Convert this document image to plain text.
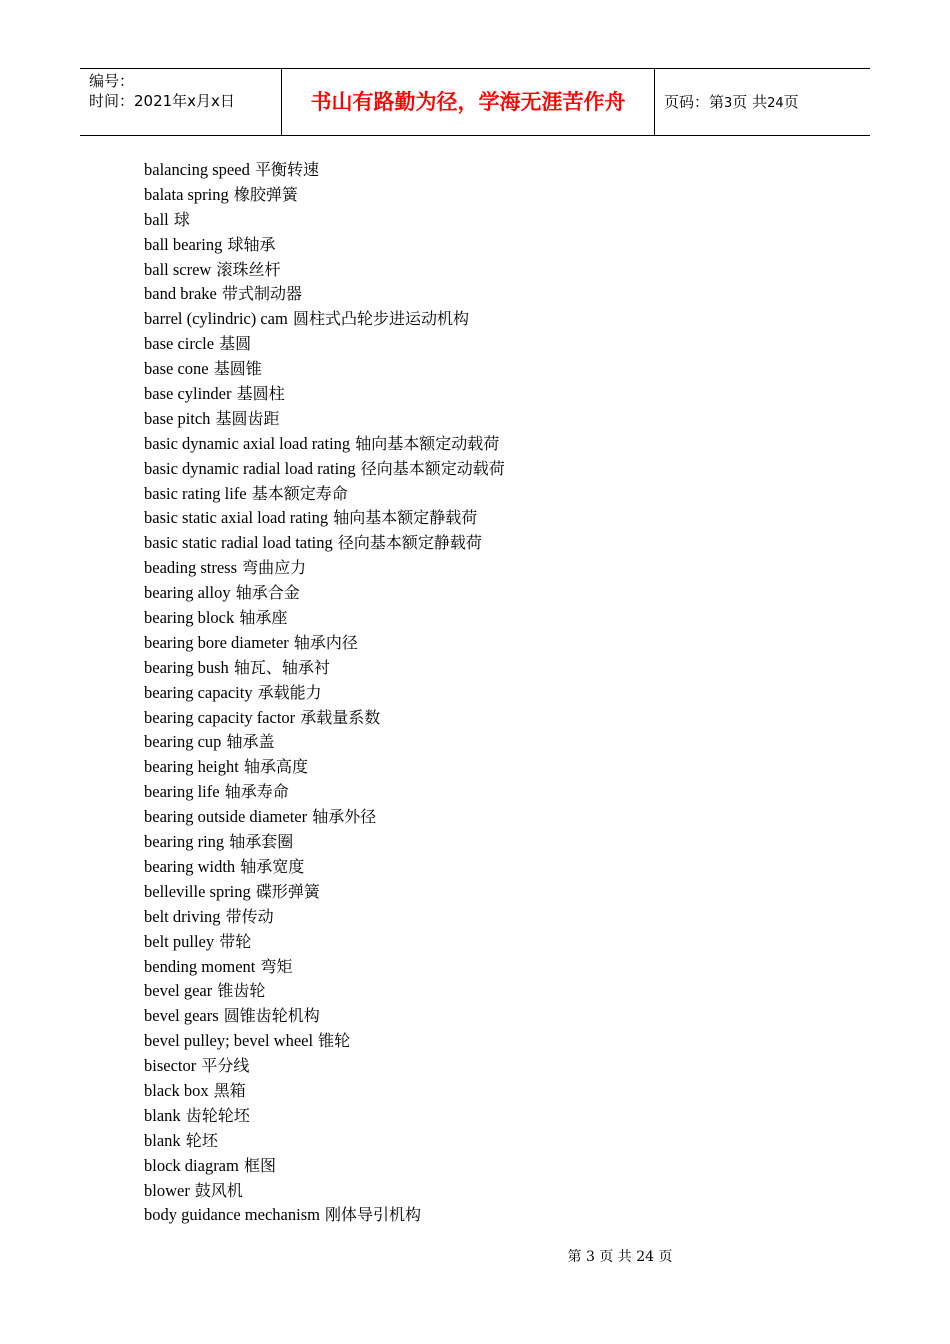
编号：
时间：2021年x月x日	书山有路勤为径，学海无涯苦作舟	页码：第3页 共24页
balancing speed 平衡转速
balata spring 橡胶弹簧
ball 球
ball bearing 球轴承
ball screw 滚珠丝杆
band brake 带式制动器
barrel (cylindric) cam 圆柱式凸轮步进运动机构
base circle 基圆
base cone 基圆锥
base cylinder 基圆柱
base pitch 基圆齿距
basic dynamic axial load rating 轴向基本额定动载荷
basic dynamic radial load rating 径向基本额定动载荷
basic rating life 基本额定寿命
basic static axial load rating 轴向基本额定静载荷
basic static radial load tating 径向基本额定静载荷
beading stress 弯曲应力
bearing alloy 轴承合金
bearing block 轴承座
bearing bore diameter 轴承内径
bearing bush 轴瓦、轴承衬
bearing capacity 承载能力
bearing capacity factor 承载量系数
bearing cup 轴承盖
bearing height 轴承高度
bearing life 轴承寿命
bearing outside diameter 轴承外径
bearing ring 轴承套圈
bearing width 轴承宽度
belleville spring 碟形弹簧
belt driving 带传动
belt pulley 带轮
bending moment 弯矩
bevel gear 锥齿轮
bevel gears 圆锥齿轮机构
bevel pulley; bevel wheel 锥轮
bisector 平分线
black box 黑箱
blank 齿轮轮坯
blank 轮坯
block diagram 框图
blower 鼓风机
body guidance mechanism 刚体导引机构
第 3 页 共 24 页
